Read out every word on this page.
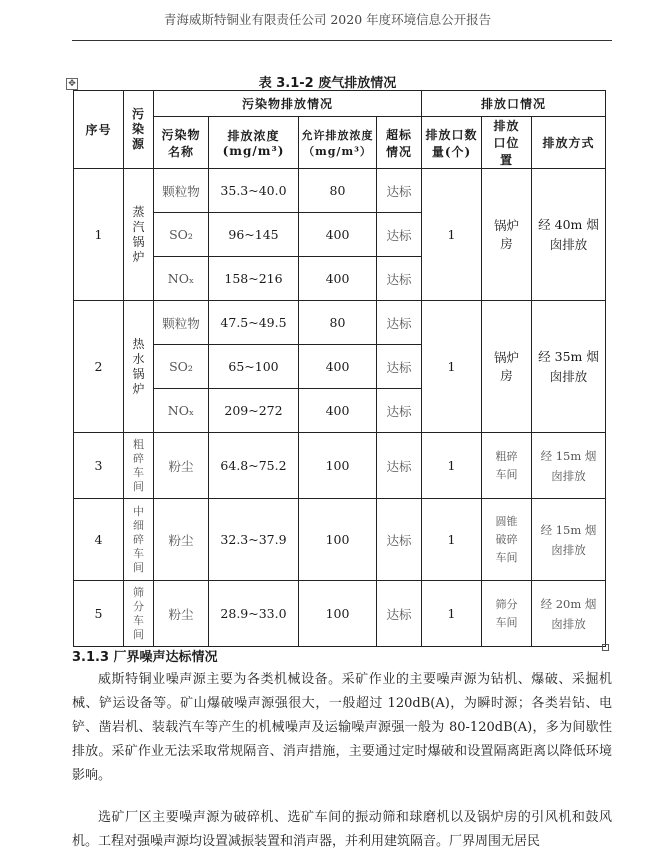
青海威斯特铜业有限责任公司 2020 年度环境信息公开报告
✥	表 3.1-2 废气排放情况
序号	污染源	污染物排放情况				排放口情况		
		污染物名称	排放浓度 (mg/m³)	允许排放浓度（mg/m³）	超标情况	排放口数量(个)	排放口位置	排放方式
1	蒸汽锅炉	颗粒物	35.3~40.0	80	达标	1	锅炉房	经 40m 烟囱排放
		SO₂	96~145	400	达标			
		NOₓ	158~216	400	达标			
2	热水锅炉	颗粒物	47.5~49.5	80	达标	1	锅炉房	经 35m 烟囱排放
		SO₂	65~100	400	达标			
		NOₓ	209~272	400	达标			
3	粗碎车间	粉尘	64.8~75.2	100	达标	1	粗碎车间	经 15m 烟囱排放
4	中细碎车间	粉尘	32.3~37.9	100	达标	1	圆锥破碎车间	经 15m 烟囱排放
5	筛分车间	粉尘	28.9~33.0	100	达标	1	筛分车间	经 20m 烟囱排放
3.1.3 厂界噪声达标情况
威斯特铜业噪声源主要为各类机械设备。采矿作业的主要噪声源为钻机、爆破、采掘机械、铲运设备等。矿山爆破噪声源强很大，一般超过 120dB(A)，为瞬时源；各类岩钻、电铲、凿岩机、装载汽车等产生的机械噪声及运输噪声源强一般为 80-120dB(A)，多为间歇性排放。采矿作业无法采取常规隔音、消声措施，主要通过定时爆破和设置隔离距离以降低环境影响。
选矿厂区主要噪声源为破碎机、选矿车间的振动筛和球磨机以及锅炉房的引风机和鼓风机。工程对强噪声源均设置减振装置和消声器，并利用建筑隔音。厂界周围无居民
